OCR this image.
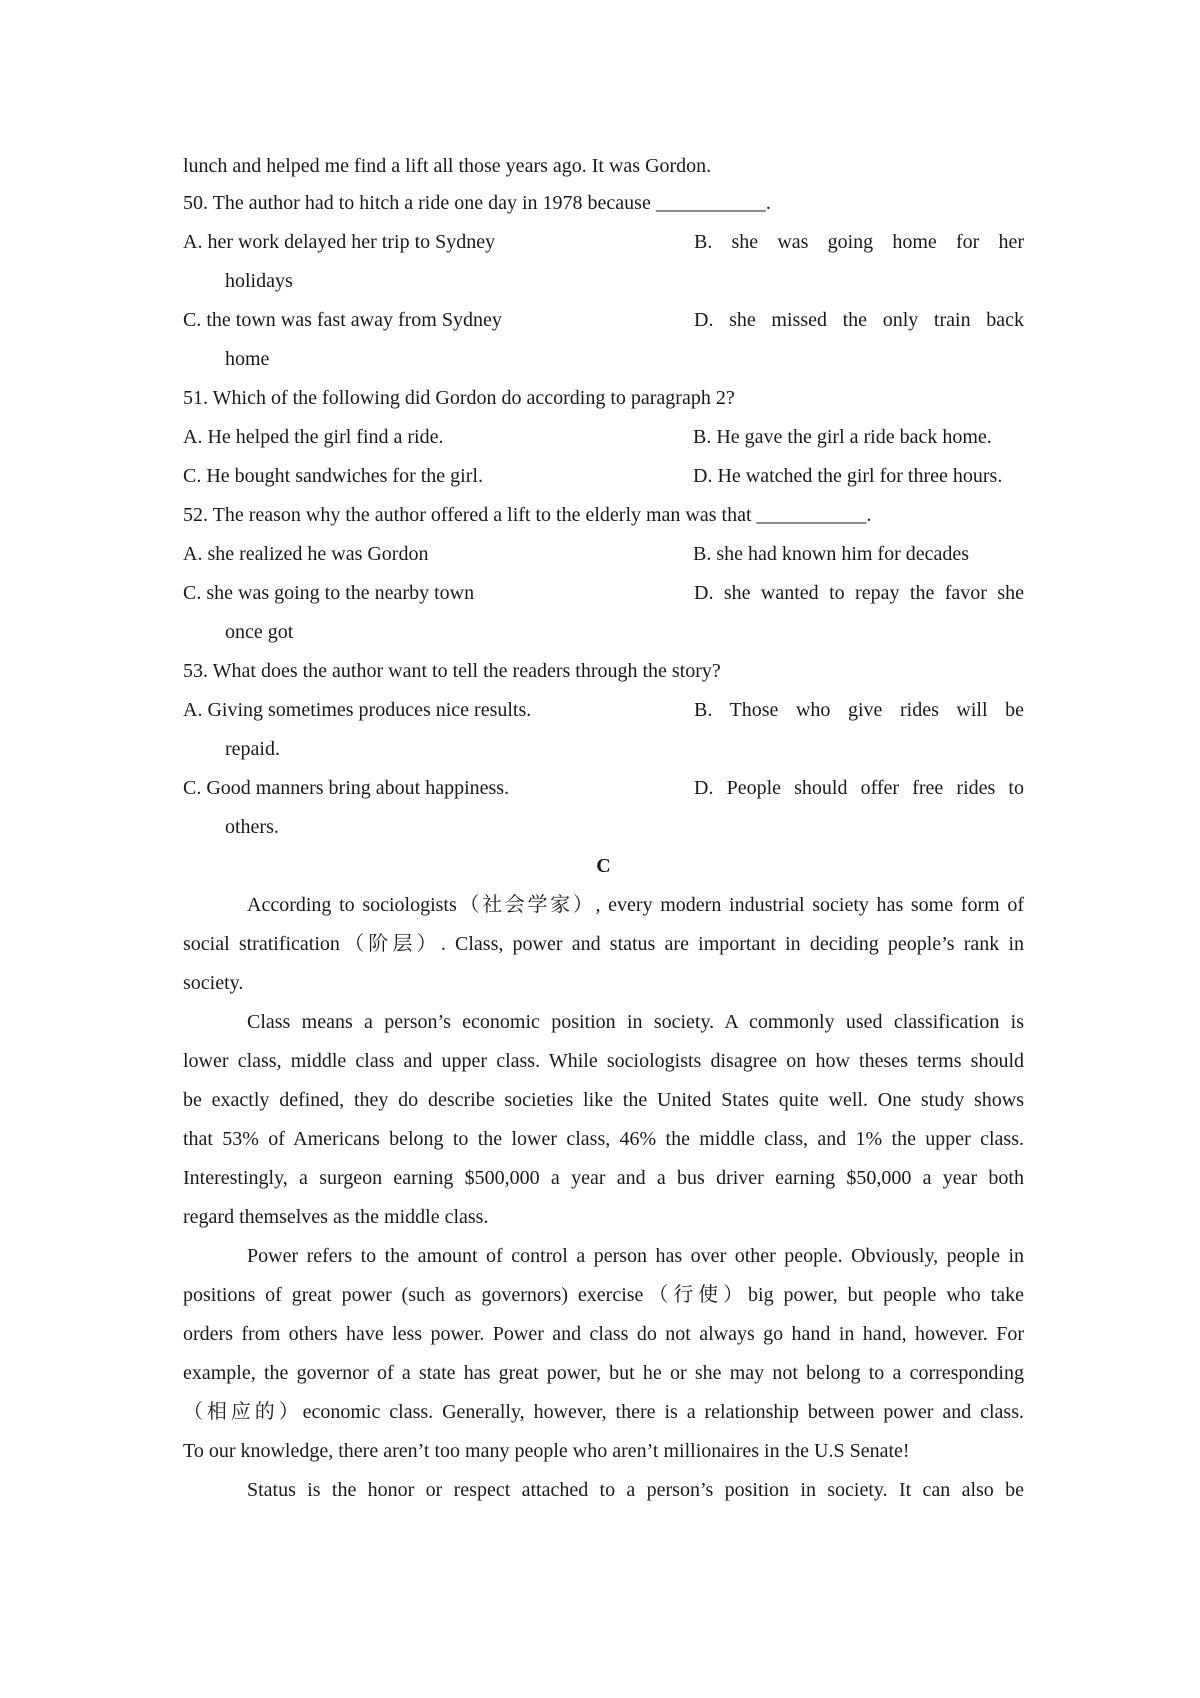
lunch and helped me find a lift all those years ago. It was Gordon.
50. The author had to hitch a ride one day in 1978 because ___________.
A. her work delayed her trip to Sydney	B. she was going home for her
holidays
C. the town was fast away from Sydney	D. she missed the only train back
home
51. Which of the following did Gordon do according to paragraph 2?
A. He helped the girl find a ride.	B. He gave the girl a ride back home.
C. He bought sandwiches for the girl.	D. He watched the girl for three hours.
52. The reason why the author offered a lift to the elderly man was that ___________.
A. she realized he was Gordon	B. she had known him for decades
C. she was going to the nearby town	D. she wanted to repay the favor she
once got
53. What does the author want to tell the readers through the story?
A. Giving sometimes produces nice results.	B. Those who give rides will be
repaid.
C. Good manners bring about happiness.	D. People should offer free rides to
others.
C
According to sociologists（社会学家）, every modern industrial society has some form of
social stratification（阶层）. Class, power and status are important in deciding people’s rank in
society.
Class means a person’s economic position in society. A commonly used classification is
lower class, middle class and upper class. While sociologists disagree on how theses terms should
be exactly defined, they do describe societies like the United States quite well. One study shows
that 53% of Americans belong to the lower class, 46% the middle class, and 1% the upper class.
Interestingly, a surgeon earning $500,000 a year and a bus driver earning $50,000 a year both
regard themselves as the middle class.
Power refers to the amount of control a person has over other people. Obviously, people in
positions of great power (such as governors) exercise（行使）big power, but people who take
orders from others have less power. Power and class do not always go hand in hand, however. For
example, the governor of a state has great power, but he or she may not belong to a corresponding
（相应的）economic class. Generally, however, there is a relationship between power and class.
To our knowledge, there aren’t too many people who aren’t millionaires in the U.S Senate!
Status is the honor or respect attached to a person’s position in society. It can also be
